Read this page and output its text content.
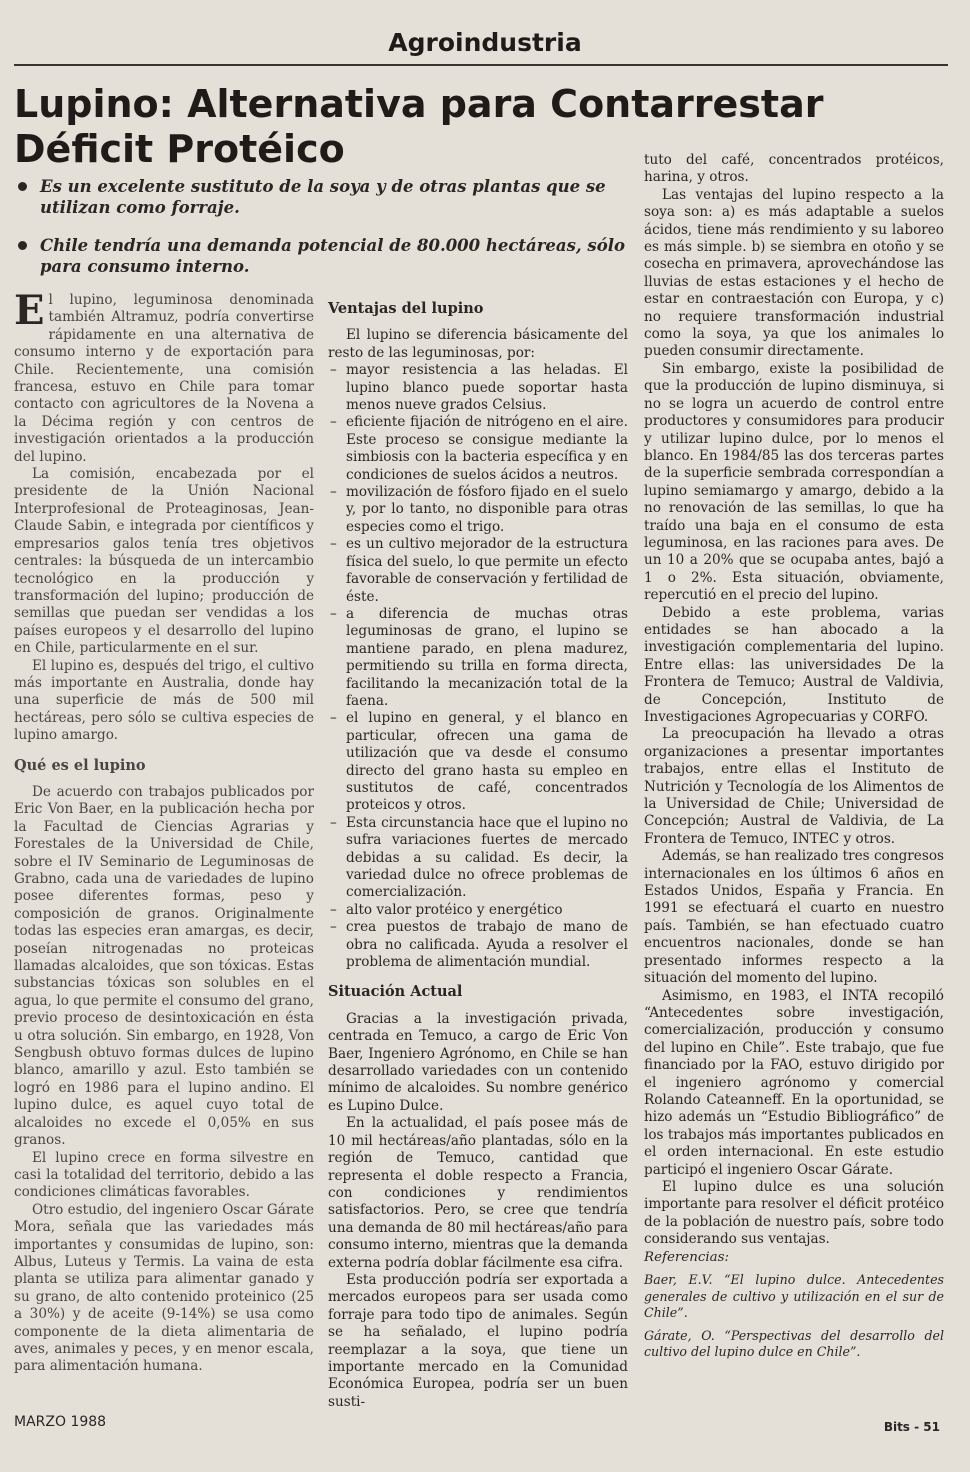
Agroindustria
Lupino: Alternativa para Contarrestar Déficit Protéico
Es un excelente sustituto de la soya y de otras plantas que se utilizan como forraje.
Chile tendría una demanda potencial de 80.000 hectáreas, sólo para consumo interno.

El lupino, leguminosa denominada también Altramuz, podría convertirse rápidamente en una alternativa de consumo interno y de exportación para Chile. Recientemente, una comisión francesa, estuvo en Chile para tomar contacto con agricultores de la Novena a la Décima región y con centros de investigación orientados a la producción del lupino.

La comisión, encabezada por el presidente de la Unión Nacional Interprofesional de Proteaginosas, Jean-Claude Sabin, e integrada por científicos y empresarios galos tenía tres objetivos centrales: la búsqueda de un intercambio tecnológico en la producción y transformación del lupino; producción de semillas que puedan ser vendidas a los países europeos y el desarrollo del lupino en Chile, particularmente en el sur.

El lupino es, después del trigo, el cultivo más importante en Australia, donde hay una superficie de más de 500 mil hectáreas, pero sólo se cultiva especies de lupino amargo.

Qué es el lupino

De acuerdo con trabajos publicados por Eric Von Baer, en la publicación hecha por la Facultad de Ciencias Agrarias y Forestales de la Universidad de Chile, sobre el IV Seminario de Leguminosas de Grabno, cada una de variedades de lupino posee diferentes formas, peso y composición de granos. Originalmente todas las especies eran amargas, es decir, poseían nitrogenadas no proteicas llamadas alcaloides, que son tóxicas. Estas substancias tóxicas son solubles en el agua, lo que permite el consumo del grano, previo proceso de desintoxicación en ésta u otra solución. Sin embargo, en 1928, Von Sengbush obtuvo formas dulces de lupino blanco, amarillo y azul. Esto también se logró en 1986 para el lupino andino. El lupino dulce, es aquel cuyo total de alcaloides no excede el 0,05% en sus granos.

El lupino crece en forma silvestre en casi la totalidad del territorio, debido a las condiciones climáticas favorables.

Otro estudio, del ingeniero Oscar Gárate Mora, señala que las variedades más importantes y consumidas de lupino, son: Albus, Luteus y Termis. La vaina de esta planta se utiliza para alimentar ganado y su grano, de alto contenido proteinico (25 a 30%) y de aceite (9-14%) se usa como componente de la dieta alimentaria de aves, animales y peces, y en menor escala, para alimentación humana.

Ventajas del lupino

El lupino se diferencia básicamente del resto de las leguminosas, por:

– mayor resistencia a las heladas. El lupino blanco puede soportar hasta menos nueve grados Celsius.

– eficiente fijación de nitrógeno en el aire. Este proceso se consigue mediante la simbiosis con la bacteria específica y en condiciones de suelos ácidos a neutros.

– movilización de fósforo fijado en el suelo y, por lo tanto, no disponible para otras especies como el trigo.

– es un cultivo mejorador de la estructura física del suelo, lo que permite un efecto favorable de conservación y fertilidad de éste.

– a diferencia de muchas otras leguminosas de grano, el lupino se mantiene parado, en plena madurez, permitiendo su trilla en forma directa, facilitando la mecanización total de la faena.

– el lupino en general, y el blanco en particular, ofrecen una gama de utilización que va desde el consumo directo del grano hasta su empleo en sustitutos de café, concentrados proteicos y otros.

– Esta circunstancia hace que el lupino no sufra variaciones fuertes de mercado debidas a su calidad. Es decir, la variedad dulce no ofrece problemas de comercialización.

– alto valor protéico y energético

– crea puestos de trabajo de mano de obra no calificada. Ayuda a resolver el problema de alimentación mundial.

Situación Actual

Gracias a la investigación privada, centrada en Temuco, a cargo de Eric Von Baer, Ingeniero Agrónomo, en Chile se han desarrollado variedades con un contenido mínimo de alcaloides. Su nombre genérico es Lupino Dulce.

En la actualidad, el país posee más de 10 mil hectáreas/año plantadas, sólo en la región de Temuco, cantidad que representa el doble respecto a Francia, con condiciones y rendimientos satisfactorios. Pero, se cree que tendría una demanda de 80 mil hectáreas/año para consumo interno, mientras que la demanda externa podría doblar fácilmente esa cifra.

Esta producción podría ser exportada a mercados europeos para ser usada como forraje para todo tipo de animales. Según se ha señalado, el lupino podría reemplazar a la soya, que tiene un importante mercado en la Comunidad Económica Europea, podría ser un buen susti-

tuto del café, concentrados protéicos, harina, y otros.

Las ventajas del lupino respecto a la soya son: a) es más adaptable a suelos ácidos, tiene más rendimiento y su laboreo es más simple. b) se siembra en otoño y se cosecha en primavera, aprovechándose las lluvias de estas estaciones y el hecho de estar en contraestación con Europa, y c) no requiere transformación industrial como la soya, ya que los animales lo pueden consumir directamente.

Sin embargo, existe la posibilidad de que la producción de lupino disminuya, si no se logra un acuerdo de control entre productores y consumidores para producir y utilizar lupino dulce, por lo menos el blanco. En 1984/85 las dos terceras partes de la superficie sembrada correspondían a lupino semiamargo y amargo, debido a la no renovación de las semillas, lo que ha traído una baja en el consumo de esta leguminosa, en las raciones para aves. De un 10 a 20% que se ocupaba antes, bajó a 1 o 2%. Esta situación, obviamente, repercutió en el precio del lupino.

Debido a este problema, varias entidades se han abocado a la investigación complementaria del lupino. Entre ellas: las universidades De la Frontera de Temuco; Austral de Valdivia, de Concepción, Instituto de Investigaciones Agropecuarias y CORFO.

La preocupación ha llevado a otras organizaciones a presentar importantes trabajos, entre ellas el Instituto de Nutrición y Tecnología de los Alimentos de la Universidad de Chile; Universidad de Concepción; Austral de Valdivia, de La Frontera de Temuco, INTEC y otros.

Además, se han realizado tres congresos internacionales en los últimos 6 años en Estados Unidos, España y Francia. En 1991 se efectuará el cuarto en nuestro país. También, se han efectuado cuatro encuentros nacionales, donde se han presentado informes respecto a la situación del momento del lupino.

Asimismo, en 1983, el INTA recopiló “Antecedentes sobre investigación, comercialización, producción y consumo del lupino en Chile”. Este trabajo, que fue financiado por la FAO, estuvo dirigido por el ingeniero agrónomo y comercial Rolando Cateanneff. En la oportunidad, se hizo además un “Estudio Bibliográfico” de los trabajos más importantes publicados en el orden internacional. En este estudio participó el ingeniero Oscar Gárate.

El lupino dulce es una solución importante para resolver el déficit protéico de la población de nuestro país, sobre todo considerando sus ventajas.

Referencias:

Baer, E.V. “El lupino dulce. Antecedentes generales de cultivo y utilización en el sur de Chile”.

Gárate, O. “Perspectivas del desarrollo del cultivo del lupino dulce en Chile”.

MARZO 1988	Bits - 51
